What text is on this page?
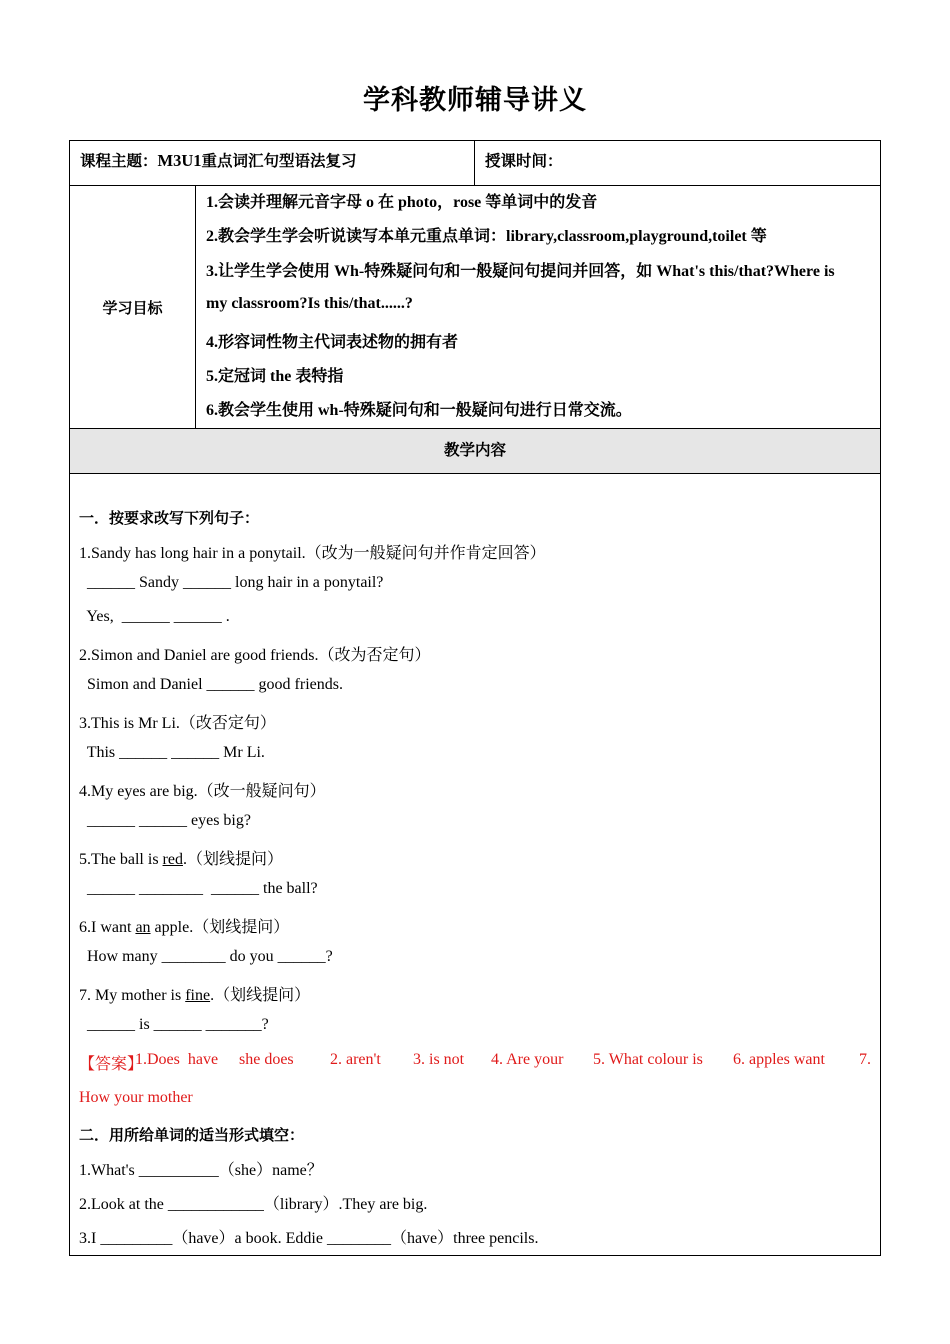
学科教师辅导讲义
课程主题：M3U1重点词汇句型语法复习	授课时间：
学习目标
1.会读并理解元音字母 o 在 photo，rose 等单词中的发音
2.教会学生学会听说读写本单元重点单词：library,classroom,playground,toilet 等
3.让学生学会使用 Wh-特殊疑问句和一般疑问句提问并回答，如 What's this/that?Where is
my classroom?Is this/that......?
4.形容词性物主代词表述物的拥有者
5.定冠词 the 表特指
6.教会学生使用 wh-特殊疑问句和一般疑问句进行日常交流。
教学内容
一．按要求改写下列句子：
1.Sandy has long hair in a ponytail.（改为一般疑问句并作肯定回答）
______ Sandy ______ long hair in a ponytail?
Yes,  ______ ______ .
2.Simon and Daniel are good friends.（改为否定句）
Simon and Daniel ______ good friends.
3.This is Mr Li.（改否定句）
This ______ ______ Mr Li.
4.My eyes are big.（改一般疑问句）
______ ______ eyes big?
5.The ball is red.（划线提问）
______ ________  ______ the ball?
6.I want an apple.（划线提问）
How many ________ do you ______?
7. My mother is fine.（划线提问）
______ is ______ _______?
【答案】
1.Does  have she does 2. aren't 3. is not 4. Are your 5. What colour is 6. apples want 7.
How your mother
二．用所给单词的适当形式填空：
1.What's __________（she）name？
2.Look at the ____________（library）.They are big.
3.I _________（have）a book. Eddie ________（have）three pencils.
